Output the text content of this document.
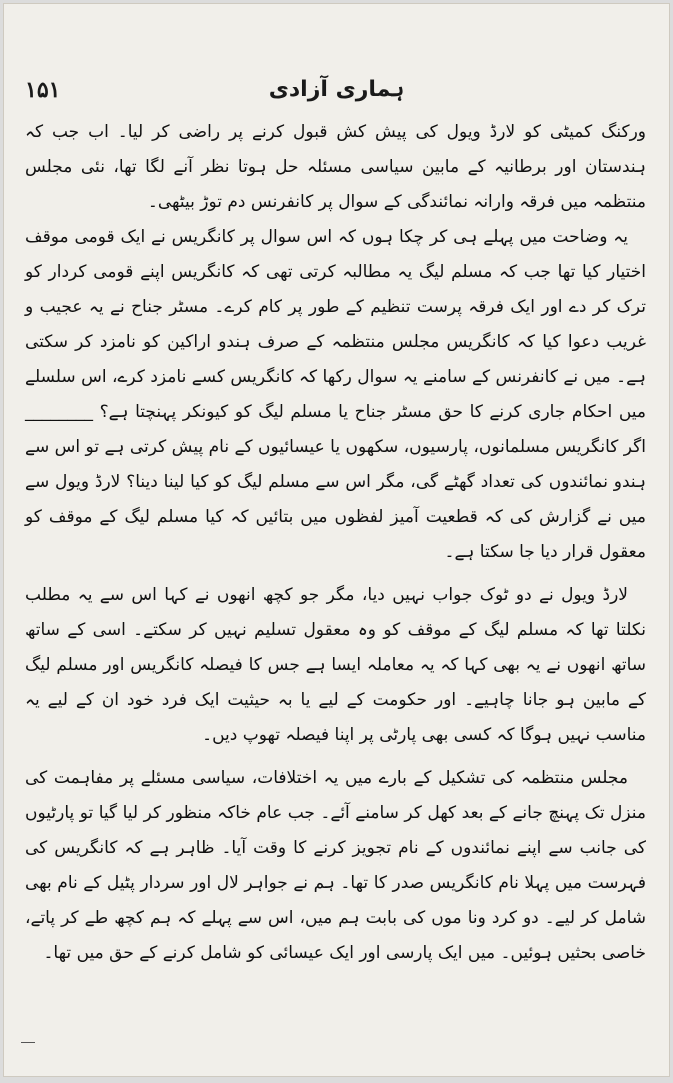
۱۵۱	ہماری آزادی

ورکنگ کمیٹی کو لارڈ ویول کی پیش کش قبول کرنے پر راضی کر لیا۔ اب جب کہ ہندستان اور برطانیہ کے مابین سیاسی مسئلہ حل ہوتا نظر آنے لگا تھا، نئی مجلس منتظمہ میں فرقہ وارانہ نمائندگی کے سوال پر کانفرنس دم توڑ بیٹھی۔

یہ وضاحت میں پہلے ہی کر چکا ہوں کہ اس سوال پر کانگریس نے ایک قومی موقف اختیار کیا تھا جب کہ مسلم لیگ یہ مطالبہ کرتی تھی کہ کانگریس اپنے قومی کردار کو ترک کر دے اور ایک فرقہ پرست تنظیم کے طور پر کام کرے۔ مسٹر جناح نے یہ عجیب و غریب دعوا کیا کہ کانگریس مجلس منتظمہ کے صرف ہندو اراکین کو نامزد کر سکتی ہے۔ میں نے کانفرنس کے سامنے یہ سوال رکھا کہ کانگریس کسے نامزد کرے، اس سلسلے میں احکام جاری کرنے کا حق مسٹر جناح یا مسلم لیگ کو کیونکر پہنچتا ہے؟ ________ اگر کانگریس مسلمانوں، پارسیوں، سکھوں یا عیسائیوں کے نام پیش کرتی ہے تو اس سے ہندو نمائندوں کی تعداد گھٹے گی، مگر اس سے مسلم لیگ کو کیا لینا دینا؟ لارڈ ویول سے میں نے گزارش کی کہ قطعیت آمیز لفظوں میں بتائیں کہ کیا مسلم لیگ کے موقف کو معقول قرار دیا جا سکتا ہے۔

لارڈ ویول نے دو ٹوک جواب نہیں دیا، مگر جو کچھ انھوں نے کہا اس سے یہ مطلب نکلتا تھا کہ مسلم لیگ کے موقف کو وہ معقول تسلیم نہیں کر سکتے۔ اسی کے ساتھ ساتھ انھوں نے یہ بھی کہا کہ یہ معاملہ ایسا ہے جس کا فیصلہ کانگریس اور مسلم لیگ کے مابین ہو جانا چاہیے۔ اور حکومت کے لیے یا بہ حیثیت ایک فرد خود ان کے لیے یہ مناسب نہیں ہوگا کہ کسی بھی پارٹی پر اپنا فیصلہ تھوپ دیں۔

مجلس منتظمہ کی تشکیل کے بارے میں یہ اختلافات، سیاسی مسئلے پر مفاہمت کی منزل تک پہنچ جانے کے بعد کھل کر سامنے آئے۔ جب عام خاکہ منظور کر لیا گیا تو پارٹیوں کی جانب سے اپنے نمائندوں کے نام تجویز کرنے کا وقت آیا۔ ظاہر ہے کہ کانگریس کی فہرست میں پہلا نام کانگریس صدر کا تھا۔ ہم نے جواہر لال اور سردار پٹیل کے نام بھی شامل کر لیے۔ دو کرد ونا موں کی بابت ہم میں، اس سے پہلے کہ ہم کچھ طے کر پاتے، خاصی بحثیں ہوئیں۔ میں ایک پارسی اور ایک عیسائی کو شامل کرنے کے حق میں تھا۔
